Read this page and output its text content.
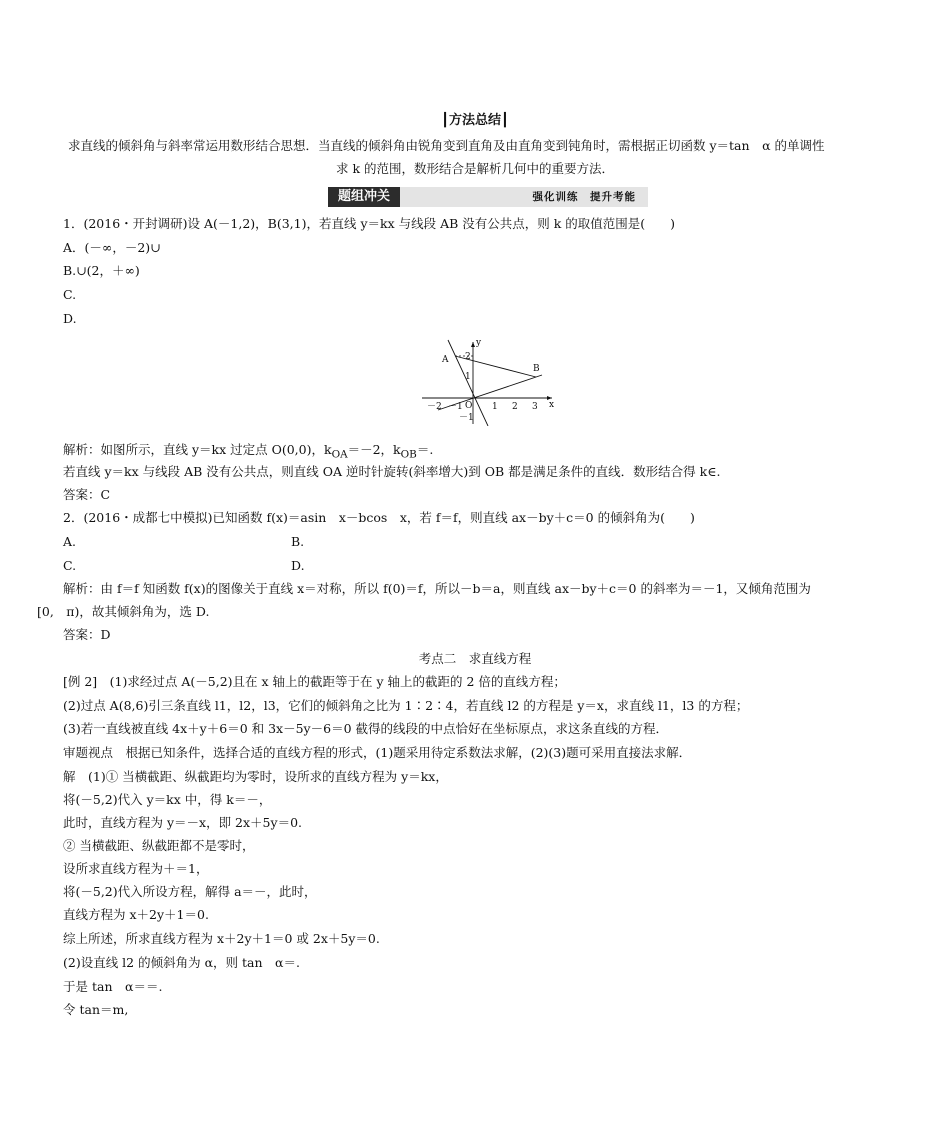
┃方法总结┃
求直线的倾斜角与斜率常运用数形结合思想．当直线的倾斜角由锐角变到直角及由直角变到钝角时，需根据正切函数 y＝tan　α 的单调性
求 k 的范围，数形结合是解析几何中的重要方法．
题组冲关	强化训练　提升考能
1．(2016・开封调研)设 A(－1,2)，B(3,1)，若直线 y＝kx 与线段 AB 没有公共点，则 k 的取值范围是(　　)
A．(－∞，－2)∪
B.∪(2，＋∞)
C.
D.
A
B
O
y
x
－2 －1	1 2 3
2
1
－1
解析：如图所示，直线 y＝kx 过定点 O(0,0)，$k_{OA}=-2$，$k_{OB}=$.
若直线 y＝kx 与线段 AB 没有公共点，则直线 OA 逆时针旋转(斜率增大)到 OB 都是满足条件的直线．数形结合得 k∈.
答案：C
2．(2016・成都七中模拟)已知函数 f(x)＝asin　x－bcos　x，若 f＝f，则直线 ax－by＋c＝0 的倾斜角为(　　)
A.	B.
C.	D.
解析：由 f＝f 知函数 f(x)的图像关于直线 x＝对称，所以 f(0)＝f，所以－b＝a，则直线 ax－by＋c＝0 的斜率为＝－1，又倾角范围为
[0,　π)，故其倾斜角为，选 D.
答案：D
考点二　求直线方程
[例 2]　(1)求经过点 A(－5,2)且在 x 轴上的截距等于在 y 轴上的截距的 2 倍的直线方程；
(2)过点 A(8,6)引三条直线 l1，l2，l3，它们的倾斜角之比为 1∶2∶4，若直线 l2 的方程是 y＝x，求直线 l1，l3 的方程；
(3)若一直线被直线 4x＋y＋6＝0 和 3x－5y－6＝0 截得的线段的中点恰好在坐标原点，求这条直线的方程．
审题视点　根据已知条件，选择合适的直线方程的形式，(1)题采用待定系数法求解，(2)(3)题可采用直接法求解．
解　(1)① 当横截距、纵截距均为零时，设所求的直线方程为 y＝kx，
将(－5,2)代入 y＝kx 中，得 k＝－，
此时，直线方程为 y＝－x，即 2x＋5y＝0.
② 当横截距、纵截距都不是零时，
设所求直线方程为＋＝1，
将(－5,2)代入所设方程，解得 a＝－，此时，
直线方程为 x＋2y＋1＝0.
综上所述，所求直线方程为 x＋2y＋1＝0 或 2x＋5y＝0.
(2)设直线 l2 的倾斜角为 α，则 tan　α＝.
于是 tan　α＝＝.
令 tan＝m,
